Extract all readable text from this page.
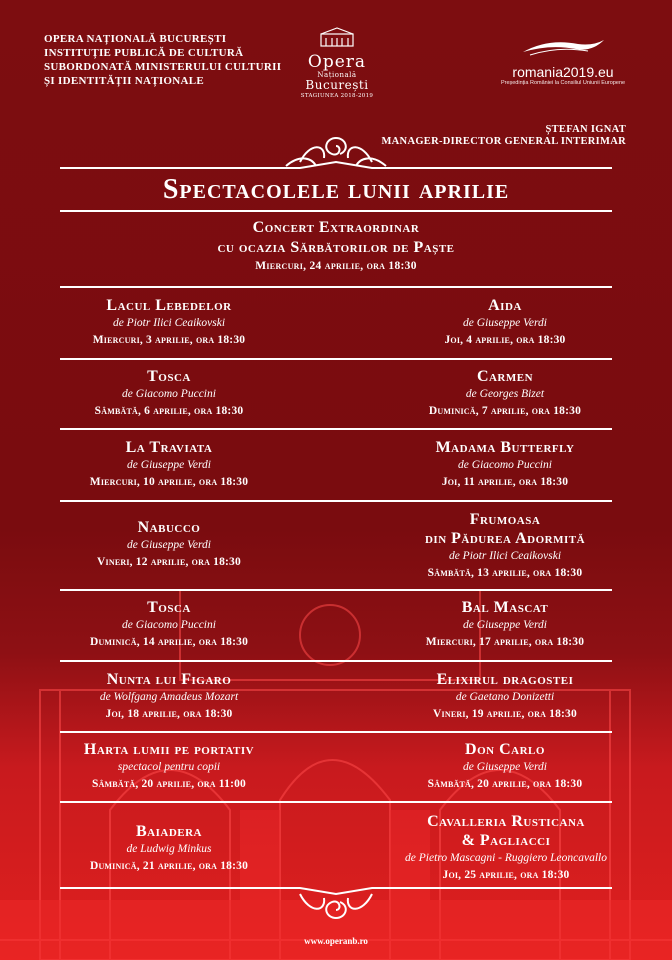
OPERA NAȚIONALĂ BUCUREȘTI
INSTITUȚIE PUBLICĂ DE CULTURĂ
SUBORDONATĂ MINISTERULUI CULTURII
ȘI IDENTITĂȚII NAȚIONALE
Opera
Națională
București
STAGIUNEA 2018-2019
romania2019.eu
Președinția României la Consiliul Uniunii Europene
ȘTEFAN IGNAT
MANAGER-DIRECTOR GENERAL INTERIMAR
Spectacolele lunii aprilie
Concert Extraordinar
cu ocazia Sărbătorilor de Paște
Miercuri, 24 aprilie, ora 18:30
Lacul Lebedelor
de Piotr Ilici Ceaikovski
Miercuri, 3 aprilie, ora 18:30
Aida
de Giuseppe Verdi
Joi, 4 aprilie, ora 18:30
Tosca
de Giacomo Puccini
Sâmbătă, 6 aprilie, ora 18:30
Carmen
de Georges Bizet
Duminică, 7 aprilie, ora 18:30
La Traviata
de Giuseppe Verdi
Miercuri, 10 aprilie, ora 18:30
Madama Butterfly
de Giacomo Puccini
Joi, 11 aprilie, ora 18:30
Nabucco
de Giuseppe Verdi
Vineri, 12 aprilie, ora 18:30
Frumoasa
din Pădurea Adormită
de Piotr Ilici Ceaikovski
Sâmbătă, 13 aprilie, ora 18:30
Tosca
de Giacomo Puccini
Duminică, 14 aprilie, ora 18:30
Bal Mascat
de Giuseppe Verdi
Miercuri, 17 aprilie, ora 18:30
Nunta lui Figaro
de Wolfgang Amadeus Mozart
Joi, 18 aprilie, ora 18:30
Elixirul dragostei
de Gaetano Donizetti
Vineri, 19 aprilie, ora 18:30
Harta lumii pe portativ
spectacol pentru copii
Sâmbătă, 20 aprilie, ora 11:00
Don Carlo
de Giuseppe Verdi
Sâmbătă, 20 aprilie, ora 18:30
Baiadera
de Ludwig Minkus
Duminică, 21 aprilie, ora 18:30
Cavalleria Rusticana
& Pagliacci
de Pietro Mascagni - Ruggiero Leoncavallo
Joi, 25 aprilie, ora 18:30
www.operanb.ro
